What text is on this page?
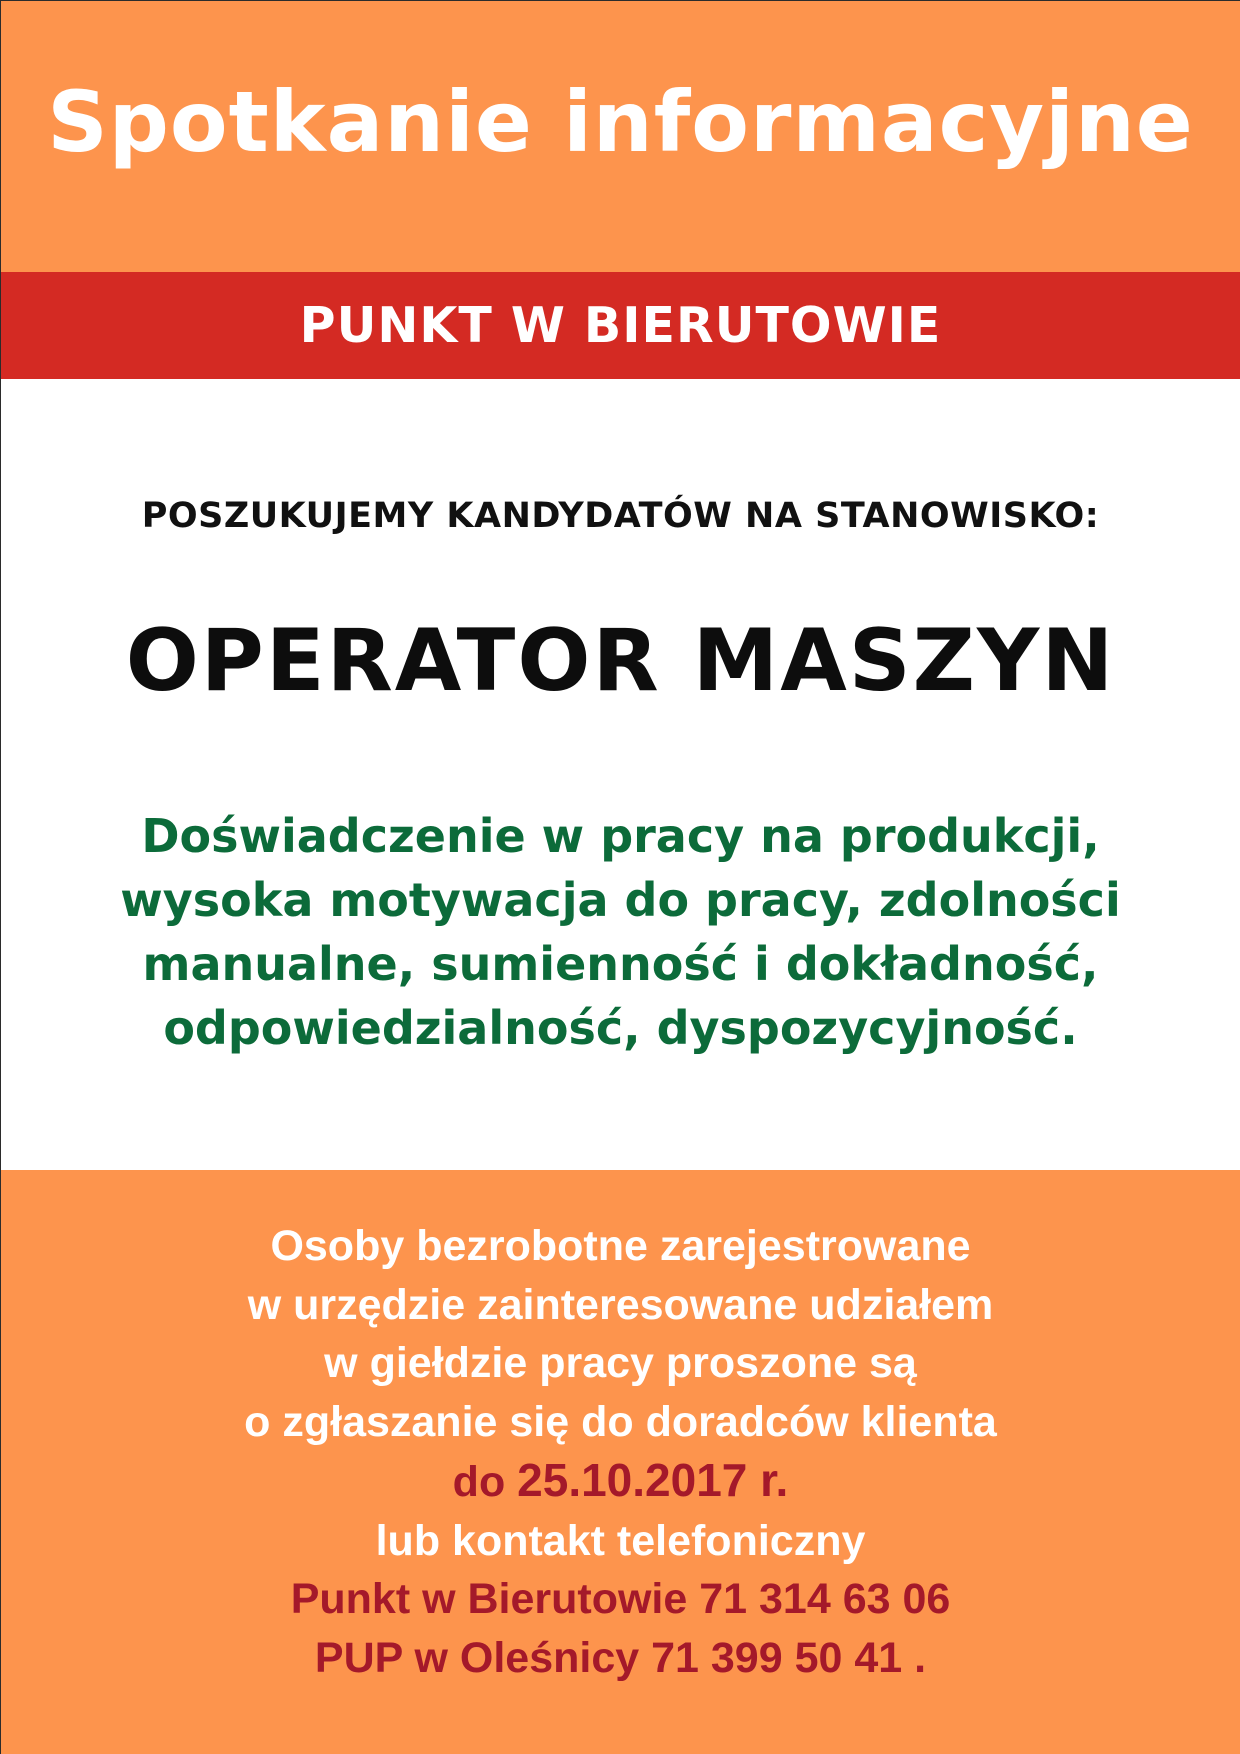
Spotkanie informacyjne
PUNKT W BIERUTOWIE
POSZUKUJEMY KANDYDATÓW NA STANOWISKO:
OPERATOR MASZYN
Doświadczenie w pracy na produkcji,
wysoka motywacja do pracy, zdolności
manualne, sumienność i dokładność,
odpowiedzialność, dyspozycyjność.
Osoby bezrobotne zarejestrowane
w urzędzie zainteresowane udziałem
w giełdzie pracy proszone są
o zgłaszanie się do doradców klienta
do 25.10.2017 r.
lub kontakt telefoniczny
Punkt w Bierutowie 71 314 63 06
PUP w Oleśnicy 71 399 50 41 .
